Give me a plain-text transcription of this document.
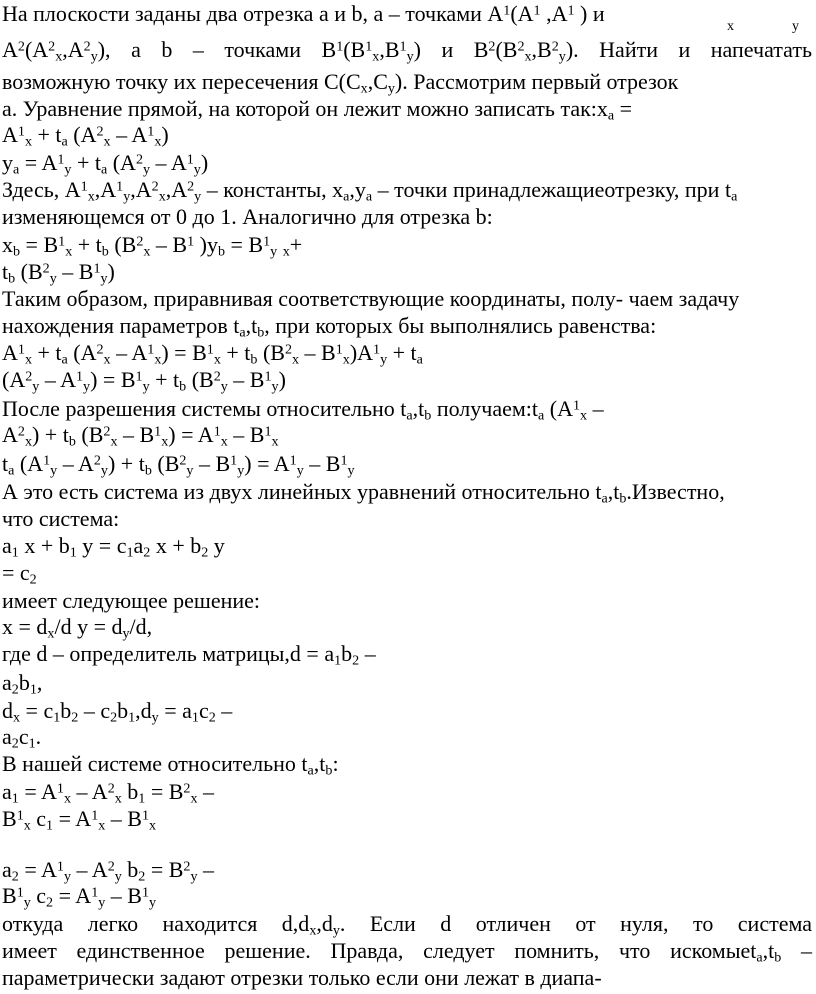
На плоскости заданы два отрезка a и b, a – точками $A^1(A^1$ $,A^1$ ) и

$A^2(A^2_x,A^2_y)$, а b – точками $B^1(B^1_x,B^1_y)$ и $B^2(B^2_x,B^2_y)$. Найти и напечатать

возможную точку их пересечения $C(C_x,C_y)$. Рассмотрим первый отрезок

a. Уравнение прямой, на которой он лежит можно записать $так:x_a$ =

$A^1_x + t_a$ $(A^2_x - A^1_x)$

$y_a = A^1_y + t_a$ $(A^2_y - A^1_y)$

Здесь, $A^1_x,A^1_y,A^2_x,A^2_y$ – константы, $x_a,y_a$ – точки принадлежащиеотрезку, при $t_a$

изменяющемся от 0 до 1. Аналогично для отрезка b:

$x_b = B^1_x + t_b$ ($B^2_x - B^1$ )$y_b = B^1_y$ $_x$+

$t_b$ $(B^2_y - B^1_y)$

Таким образом, приравнивая соответствующие координаты, полу- чаем задачу

нахождения параметров $t_a,t_b$, при которых бы выполнялись равенства:

$A^1_x + t_a$ $(A^2_x - A^1_x) = B^1_x + t_b$ $(B^2_x - B^1_x)A^1_y + t_a$

$(A^2_y - A^1_y) = B^1_y + t_b$ $(B^2_y - B^1_y)$

После разрешения системы относительно $t_a,t_b$ $получаем:t_a$ ($A^1_x$ –

$A^2_x) + t_b$ $(B^2_x - B^1_x) = A^1_x - B^1_x$

$t_a$ $(A^1_y - A^2_y) + t_b$ $(B^2_y - B^1_y) = A^1_y - B^1_y$

А это есть система из двух линейных уравнений относительно $t_a,t_b.Известно$,

что система:

$a_1$ $x + b_1$ $y = c_1a_2$ $x + b_2$ y

= $c_2$

имеет следующее решение:

$x = d_x/d$ $y = d_y/d$,

где d – определитель матрицы,d = $a_1b_2$ –

$a_2b_1$,

$d_x = c_1b_2 - c_2b_1,d_y = a_1c_2$ –

$a_2c_1$.

В нашей системе относительно $t_a,t_b$:

$a_1 = A^1_x - A^2_x$ $b_1 = B^2_x$ –

$B^1_x$ $c_1 = A^1_x - B^1_x$

$a_2 = A^1_y - A^2_y$ $b_2 = B^2_y$ –

$B^1_y$ $c_2 = A^1_y - B^1_y$

откуда легко находится $d,d_x,d_y$. Если d отличен от нуля, то система

имеет единственное решение. Правда, следует помнить, что $искомыеt_a,t_b$ –

параметрически задают отрезки только если они лежат в диапа-

x	y
